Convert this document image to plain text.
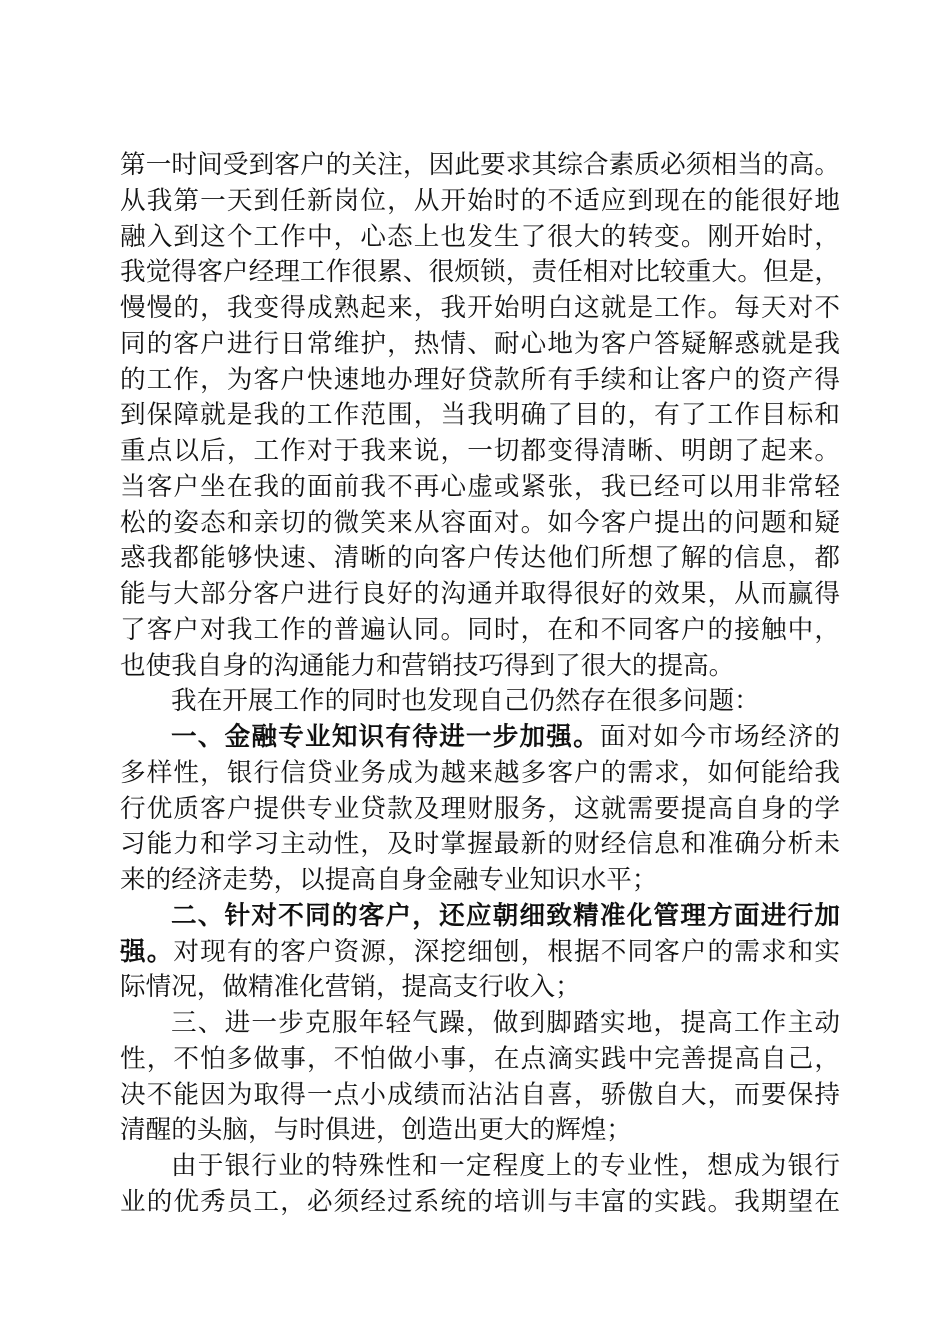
第一时间受到客户的关注，因此要求其综合素质必须相当的高。
从我第一天到任新岗位，从开始时的不适应到现在的能很好地
融入到这个工作中，心态上也发生了很大的转变。刚开始时，
我觉得客户经理工作很累、很烦锁，责任相对比较重大。但是，
慢慢的，我变得成熟起来，我开始明白这就是工作。每天对不
同的客户进行日常维护，热情、耐心地为客户答疑解惑就是我
的工作，为客户快速地办理好贷款所有手续和让客户的资产得
到保障就是我的工作范围，当我明确了目的，有了工作目标和
重点以后，工作对于我来说，一切都变得清晰、明朗了起来。
当客户坐在我的面前我不再心虚或紧张，我已经可以用非常轻
松的姿态和亲切的微笑来从容面对。如今客户提出的问题和疑
惑我都能够快速、清晰的向客户传达他们所想了解的信息，都
能与大部分客户进行良好的沟通并取得很好的效果，从而赢得
了客户对我工作的普遍认同。同时，在和不同客户的接触中，
也使我自身的沟通能力和营销技巧得到了很大的提高。
我在开展工作的同时也发现自己仍然存在很多问题：
一、金融专业知识有待进一步加强。面对如今市场经济的
多样性，银行信贷业务成为越来越多客户的需求，如何能给我
行优质客户提供专业贷款及理财服务，这就需要提高自身的学
习能力和学习主动性，及时掌握最新的财经信息和准确分析未
来的经济走势，以提高自身金融专业知识水平；
二、针对不同的客户，还应朝细致精准化管理方面进行加
强。对现有的客户资源，深挖细刨，根据不同客户的需求和实
际情况，做精准化营销，提高支行收入；
三、进一步克服年轻气躁，做到脚踏实地，提高工作主动
性，不怕多做事，不怕做小事，在点滴实践中完善提高自己，
决不能因为取得一点小成绩而沾沾自喜，骄傲自大，而要保持
清醒的头脑，与时俱进，创造出更大的辉煌；
由于银行业的特殊性和一定程度上的专业性，想成为银行
业的优秀员工，必须经过系统的培训与丰富的实践。我期望在
